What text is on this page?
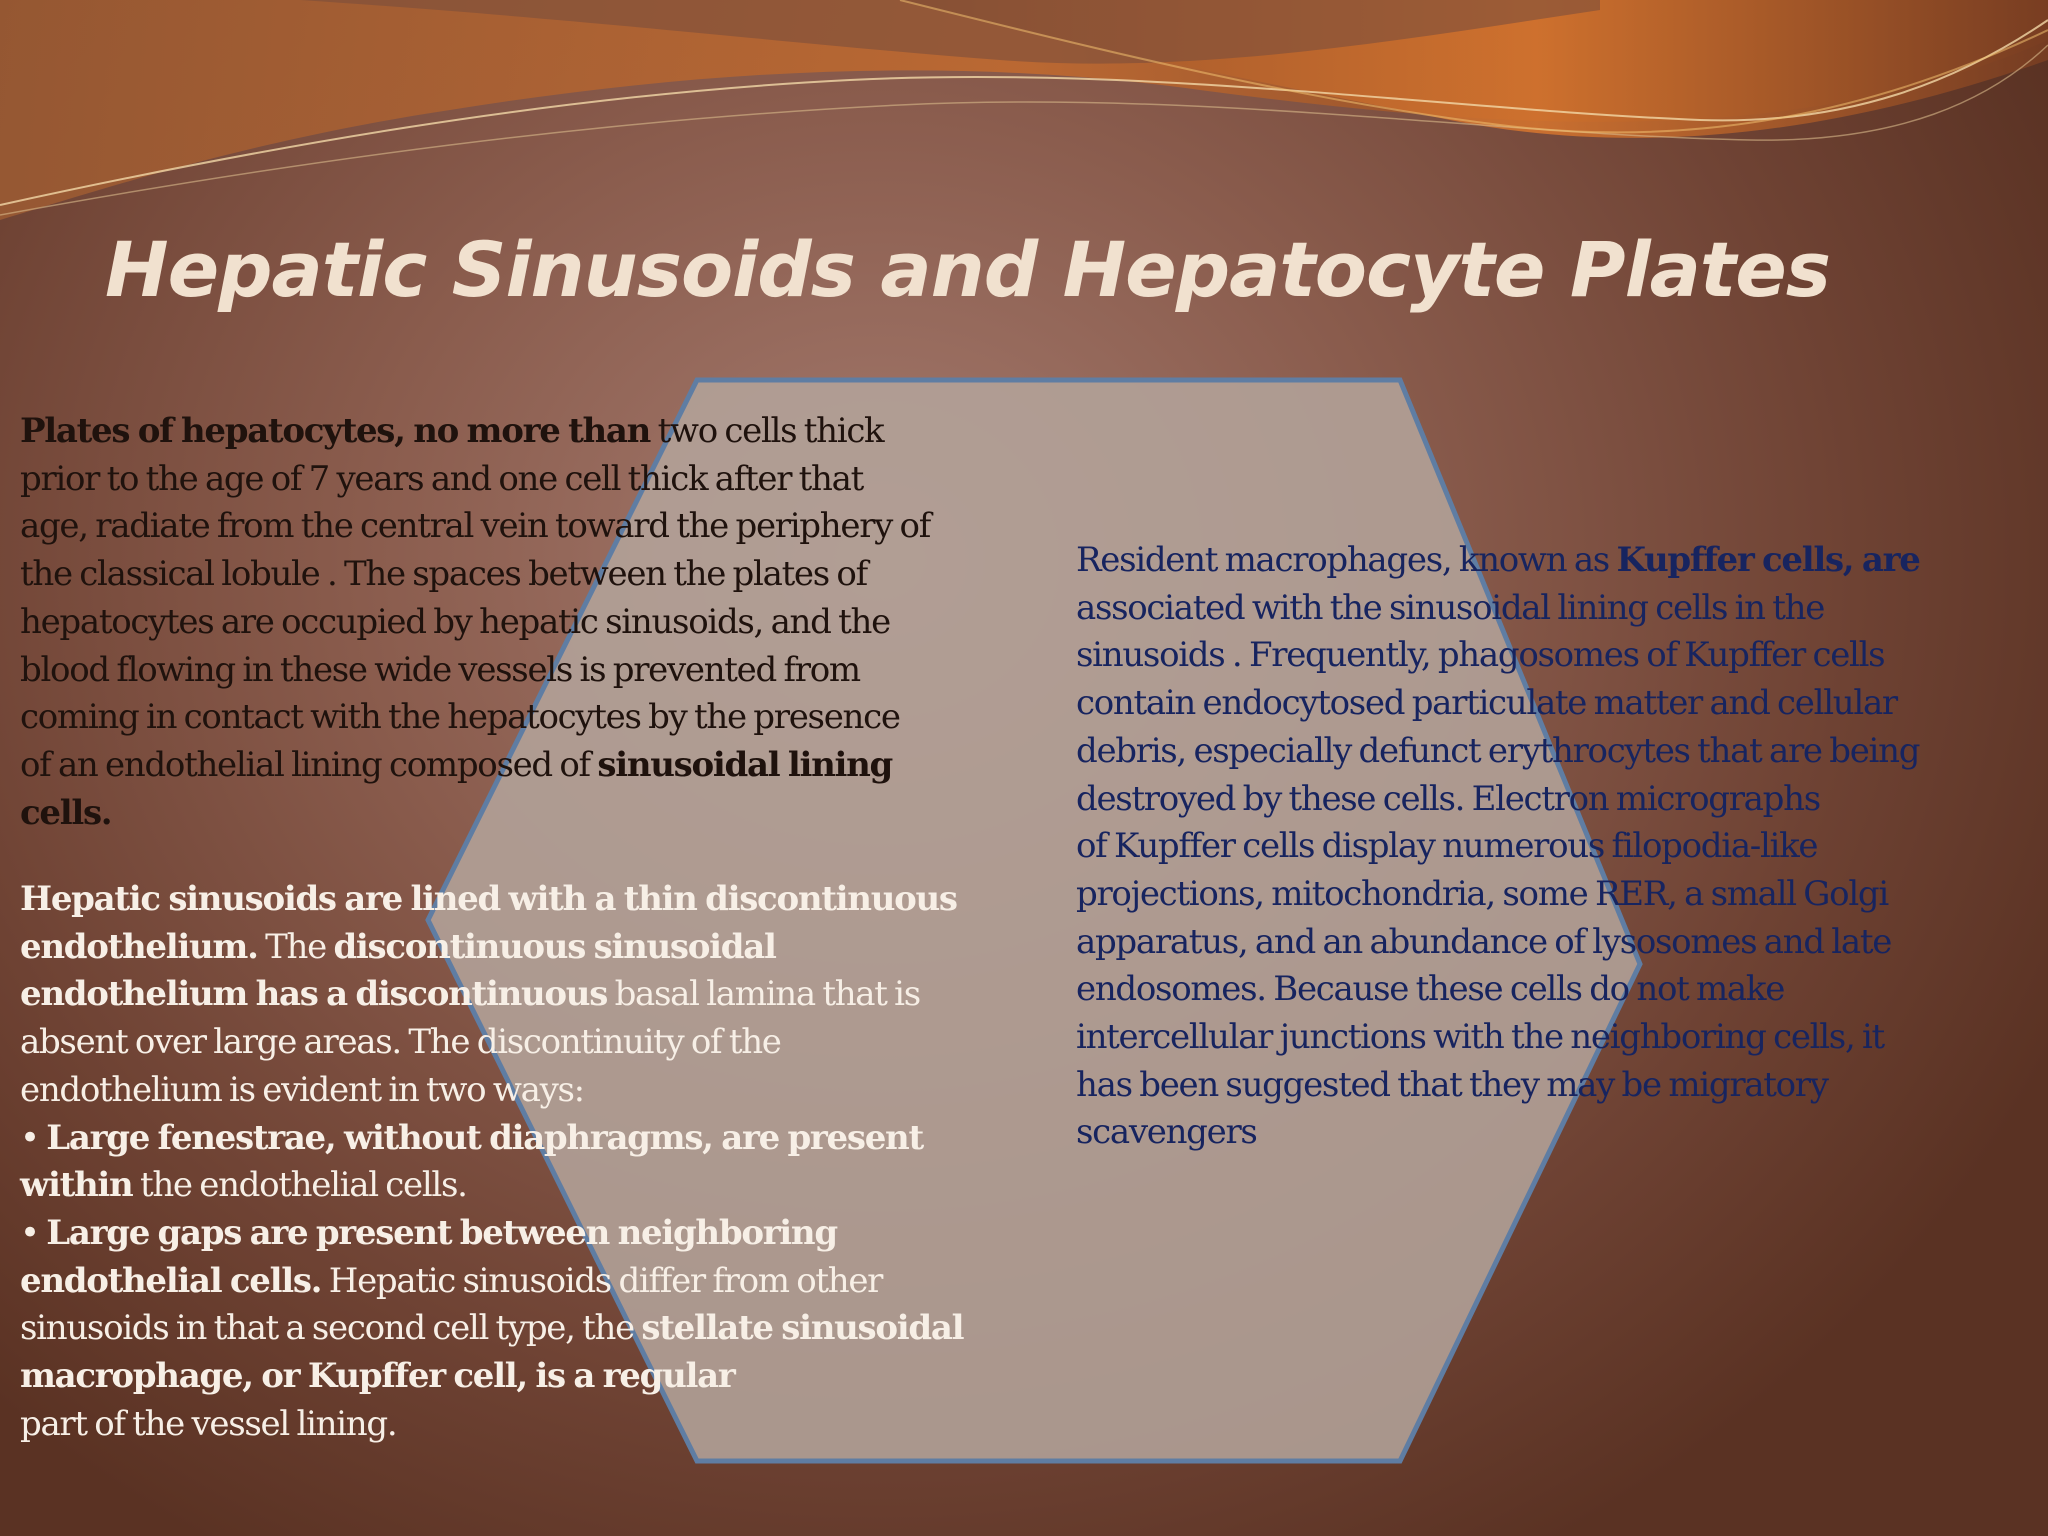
Hepatic Sinusoids and Hepatocyte Plates
Plates of hepatocytes, no more than two cells thick
prior to the age of 7 years and one cell thick after that
age, radiate from the central vein toward the periphery of
the classical lobule . The spaces between the plates of
hepatocytes are occupied by hepatic sinusoids, and the
blood flowing in these wide vessels is prevented from
coming in contact with the hepatocytes by the presence
of an endothelial lining composed of sinusoidal lining
cells.
Hepatic sinusoids are lined with a thin discontinuous
endothelium. The discontinuous sinusoidal
endothelium has a discontinuous basal lamina that is
absent over large areas. The discontinuity of the
endothelium is evident in two ways:
• Large fenestrae, without diaphragms, are present
within the endothelial cells.
• Large gaps are present between neighboring
endothelial cells. Hepatic sinusoids differ from other
sinusoids in that a second cell type, the stellate sinusoidal
macrophage, or Kupffer cell, is a regular
part of the vessel lining.
Resident macrophages, known as Kupffer cells, are
associated with the sinusoidal lining cells in the
sinusoids . Frequently, phagosomes of Kupffer cells
contain endocytosed particulate matter and cellular
debris, especially defunct erythrocytes that are being
destroyed by these cells. Electron micrographs
of Kupffer cells display numerous filopodia-like
projections, mitochondria, some RER, a small Golgi
apparatus, and an abundance of lysosomes and late
endosomes. Because these cells do not make
intercellular junctions with the neighboring cells, it
has been suggested that they may be migratory
scavengers
